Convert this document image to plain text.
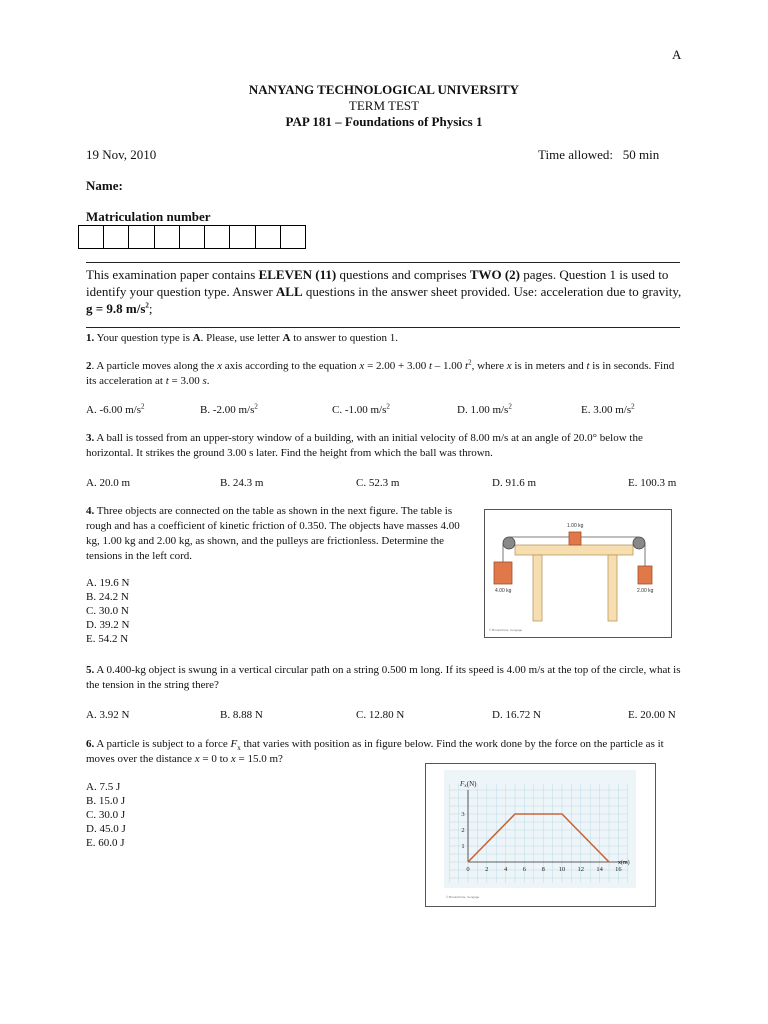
A
NANYANG TECHNOLOGICAL UNIVERSITY
TERM TEST
PAP 181 – Foundations of Physics 1
19 Nov, 2010	Time allowed:   50 min
Name:
Matriculation number
This examination paper contains ELEVEN (11) questions and comprises TWO (2) pages. Question 1 is used to identify your question type. Answer ALL questions in the answer sheet provided. Use: acceleration due to gravity, g = 9.8 $m/s^2$;
1. Your question type is A. Please, use letter A to answer to question 1.
2. A particle moves along the x axis according to the equation x = 2.00 + 3.00 t – 1.00 $t^2$, where x is in meters and t is in seconds. Find its acceleration at t = 3.00 s.
A. -6.00 $m/s^2$	B. -2.00 $m/s^2$	C. -1.00 $m/s^2$	D. 1.00 $m/s^2$	E. 3.00 $m/s^2$
3. A ball is tossed from an upper-story window of a building, with an initial velocity of 8.00 m/s at an angle of 20.0° below the horizontal. It strikes the ground 3.00 s later. Find the height from which the ball was thrown.
A. 20.0 m	B. 24.3 m	C. 52.3 m	D. 91.6 m	E. 100.3 m
4. Three objects are connected on the table as shown in the next figure. The table is rough and has a coefficient of kinetic friction of 0.350. The objects have masses 4.00 kg, 1.00 kg and 2.00 kg, as shown, and the pulleys are frictionless. Determine the tensions in the left cord.
A. 19.6 N
B. 24.2 N
C. 30.0 N
D. 39.2 N
E. 54.2 N
1.00 kg
4.00 kg	2.00 kg
© Brooks/Cole, Cengage
5. A 0.400-kg object is swung in a vertical circular path on a string 0.500 m long. If its speed is 4.00 m/s at the top of the circle, what is the tension in the string there?
A. 3.92 N	B. 8.88 N	C. 12.80 N	D. 16.72 N	E. 20.00 N
6. A particle is subject to a force $F_x$ that varies with position as in figure below. Find the work done by the force on the particle as it moves over the distance x = 0 to x = 15.0 m?
A. 7.5 J
B. 15.0 J
C. 30.0 J
D. 45.0 J
E. 60.0 J
0 2 4 6 8 10 12 14 16
1
2
3
Fx(N)
x(m)
© Brooks/Cole, Cengage
